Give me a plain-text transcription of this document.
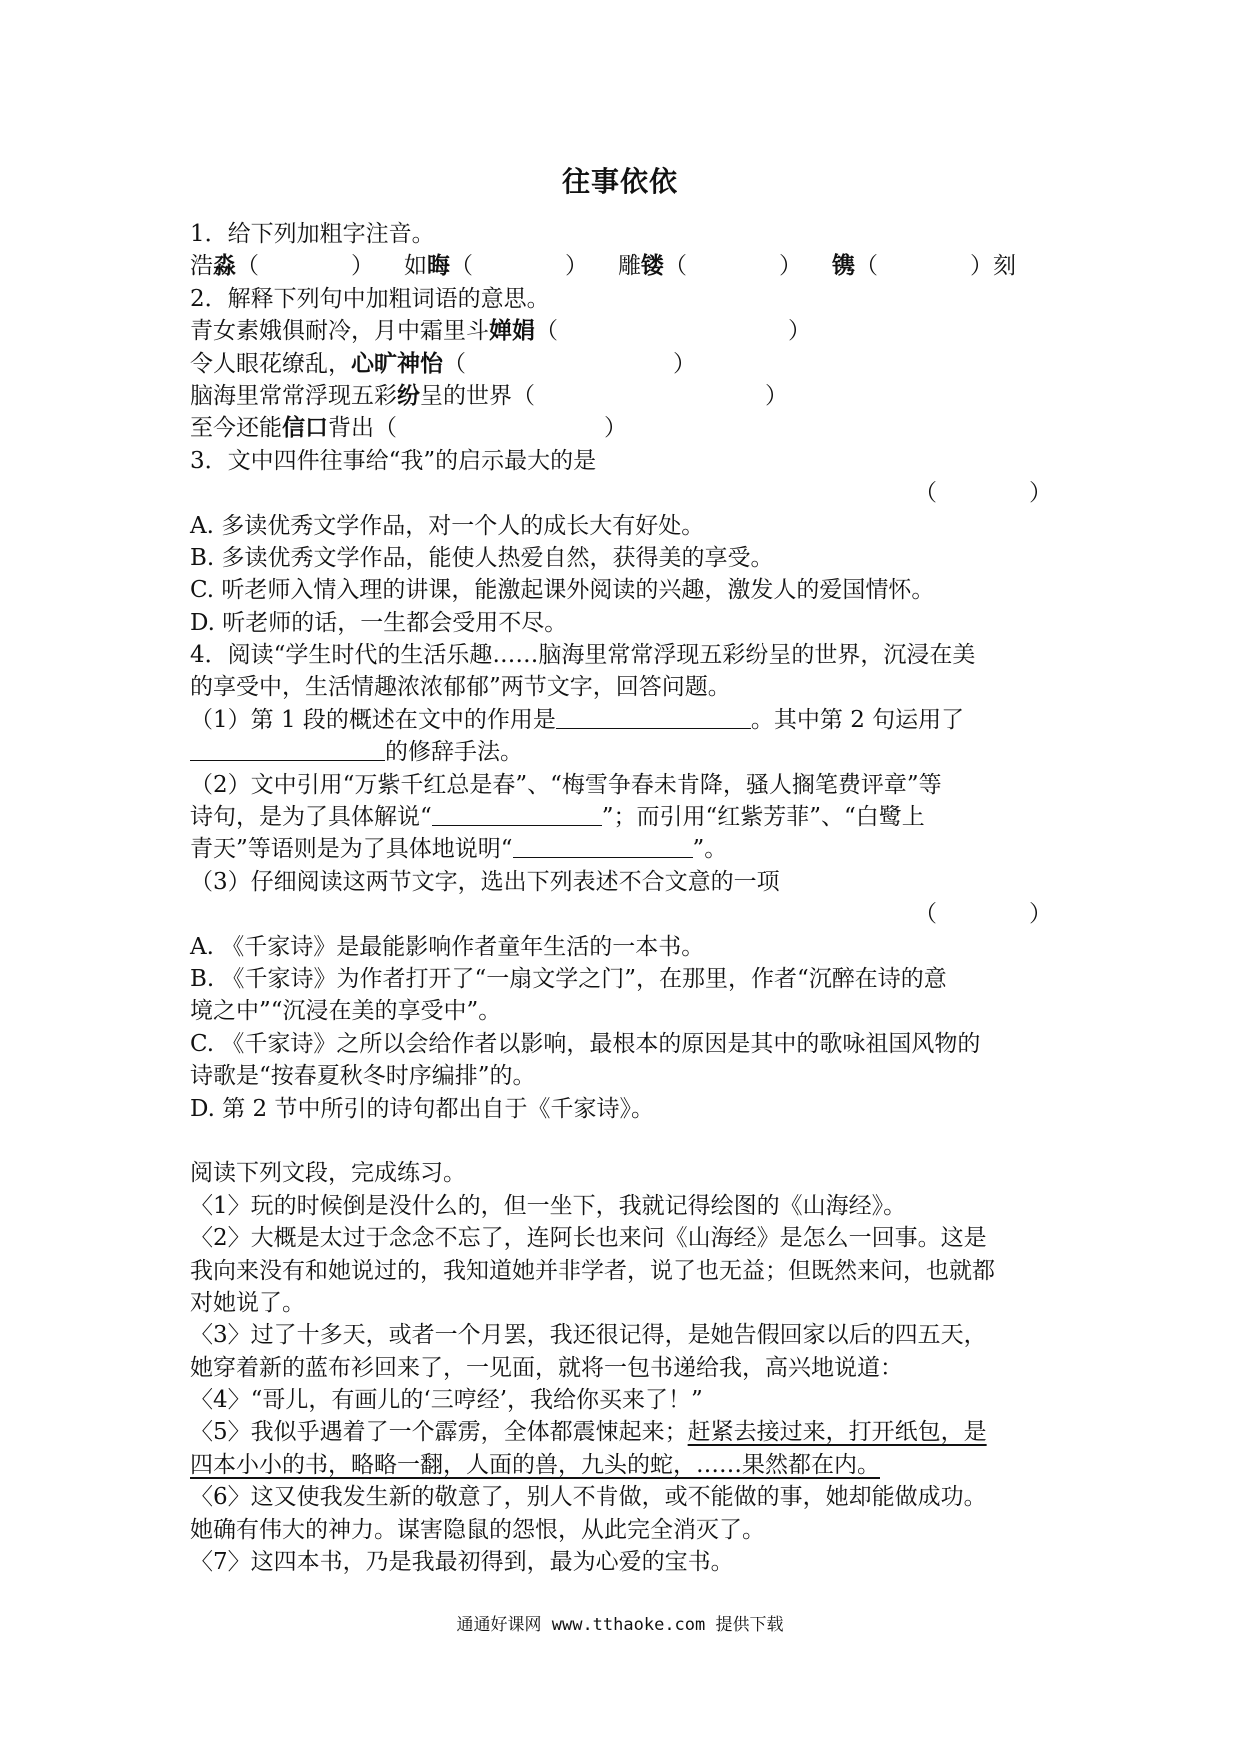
往事依依
1．给下列加粗字注音。
浩淼（　　　　） 如晦（　　　　） 雕镂（　　　　） 镌（　　　　）刻
2．解释下列句中加粗词语的意思。
青女素娥俱耐冷，月中霜里斗婵娟（　　　　　　　　　　）
令人眼花缭乱，心旷神怡（　　　　　　　　　）
脑海里常常浮现五彩纷呈的世界（　　　　　　　　　　）
至今还能信口背出（　　　　　　　　　）
3．文中四件往事给“我”的启示最大的是
（　　　　）
A. 多读优秀文学作品，对一个人的成长大有好处。
B. 多读优秀文学作品，能使人热爱自然，获得美的享受。
C. 听老师入情入理的讲课，能激起课外阅读的兴趣，激发人的爱国情怀。
D. 听老师的话，一生都会受用不尽。
4．阅读“学生时代的生活乐趣……脑海里常常浮现五彩纷呈的世界，沉浸在美
的享受中，生活情趣浓浓郁郁”两节文字，回答问题。
（1）第 1 段的概述在文中的作用是	。其中第 2 句运用了
的修辞手法。
（2）文中引用“万紫千红总是春”、“梅雪争春未肯降，骚人搁笔费评章”等
诗句，是为了具体解说“	”；而引用“红紫芳菲”、“白鹭上
青天”等语则是为了具体地说明“	”。
（3）仔细阅读这两节文字，选出下列表述不合文意的一项
（　　　　）
A. 《千家诗》是最能影响作者童年生活的一本书。
B. 《千家诗》为作者打开了“一扇文学之门”，在那里，作者“沉醉在诗的意
境之中”“沉浸在美的享受中”。
C. 《千家诗》之所以会给作者以影响，最根本的原因是其中的歌咏祖国风物的
诗歌是“按春夏秋冬时序编排”的。
D. 第 2 节中所引的诗句都出自于《千家诗》。
阅读下列文段，完成练习。
〈1〉玩的时候倒是没什么的，但一坐下，我就记得绘图的《山海经》。
〈2〉大概是太过于念念不忘了，连阿长也来问《山海经》是怎么一回事。这是
我向来没有和她说过的，我知道她并非学者，说了也无益；但既然来问，也就都
对她说了。
〈3〉过了十多天，或者一个月罢，我还很记得，是她告假回家以后的四五天，
她穿着新的蓝布衫回来了，一见面，就将一包书递给我，高兴地说道：
〈4〉“哥儿，有画儿的‘三哼经’，我给你买来了！”
〈5〉我似乎遇着了一个霹雳，全体都震悚起来；赶紧去接过来，打开纸包，是
四本小小的书，略略一翻，人面的兽，九头的蛇，……果然都在内。
〈6〉这又使我发生新的敬意了，别人不肯做，或不能做的事，她却能做成功。
她确有伟大的神力。谋害隐鼠的怨恨，从此完全消灭了。
〈7〉这四本书，乃是我最初得到，最为心爱的宝书。
通通好课网 www.tthaoke.com 提供下载
